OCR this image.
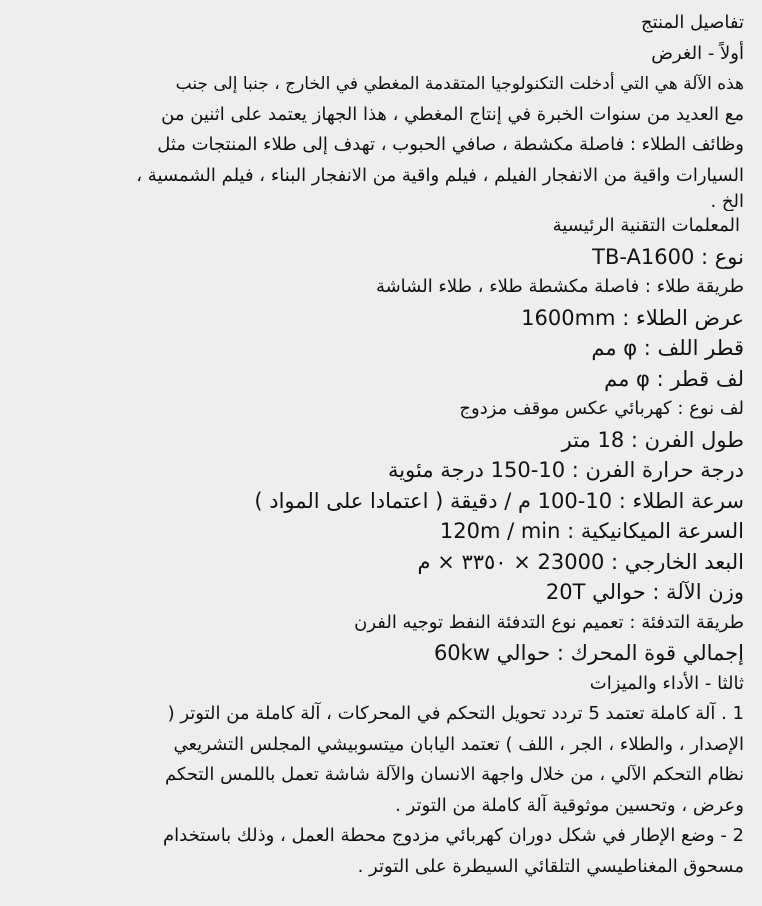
تفاصيل المنتج
أولاً - الغرض
هذه الآلة هي التي أدخلت التكنولوجيا المتقدمة المغطي في الخارج ، جنبا إلى جنب
مع العديد من سنوات الخبرة في إنتاج المغطي ، هذا الجهاز يعتمد على اثنين من
وظائف الطلاء : فاصلة مكشطة ، صافي الحبوب ، تهدف إلى طلاء المنتجات مثل
السيارات واقية من الانفجار الفيلم ، فيلم واقية من الانفجار البناء ، فيلم الشمسية ،
الخ .
المعلمات التقنية الرئيسية
نوع : TB-A1600
طريقة طلاء : فاصلة مكشطة طلاء ، طلاء الشاشة
عرض الطلاء : 1600mm
قطر اللف : φ مم
لف قطر : φ مم
لف نوع : كهربائي عكس موقف مزدوج
طول الفرن : 18 متر
درجة حرارة الفرن : 10-150 درجة مئوية
سرعة الطلاء : 10-100 م / دقيقة ( اعتمادا على المواد )
السرعة الميكانيكية : 120m / min
البعد الخارجي : 23000 × ٣٣٥٠ × م
وزن الآلة : حوالي 20T
طريقة التدفئة : تعميم نوع التدفئة النفط توجيه الفرن
إجمالي قوة المحرك : حوالي 60kw
ثالثا - الأداء والميزات
1 . آلة كاملة تعتمد 5 تردد تحويل التحكم في المحركات ، آلة كاملة من التوتر (
الإصدار ، والطلاء ، الجر ، اللف ) تعتمد اليابان ميتسوبيشي المجلس التشريعي
نظام التحكم الآلي ، من خلال واجهة الانسان والآلة شاشة تعمل باللمس التحكم
وعرض ، وتحسين موثوقية آلة كاملة من التوتر .
2 - وضع الإطار في شكل دوران كهربائي مزدوج محطة العمل ، وذلك باستخدام
مسحوق المغناطيسي التلقائي السيطرة على التوتر .
